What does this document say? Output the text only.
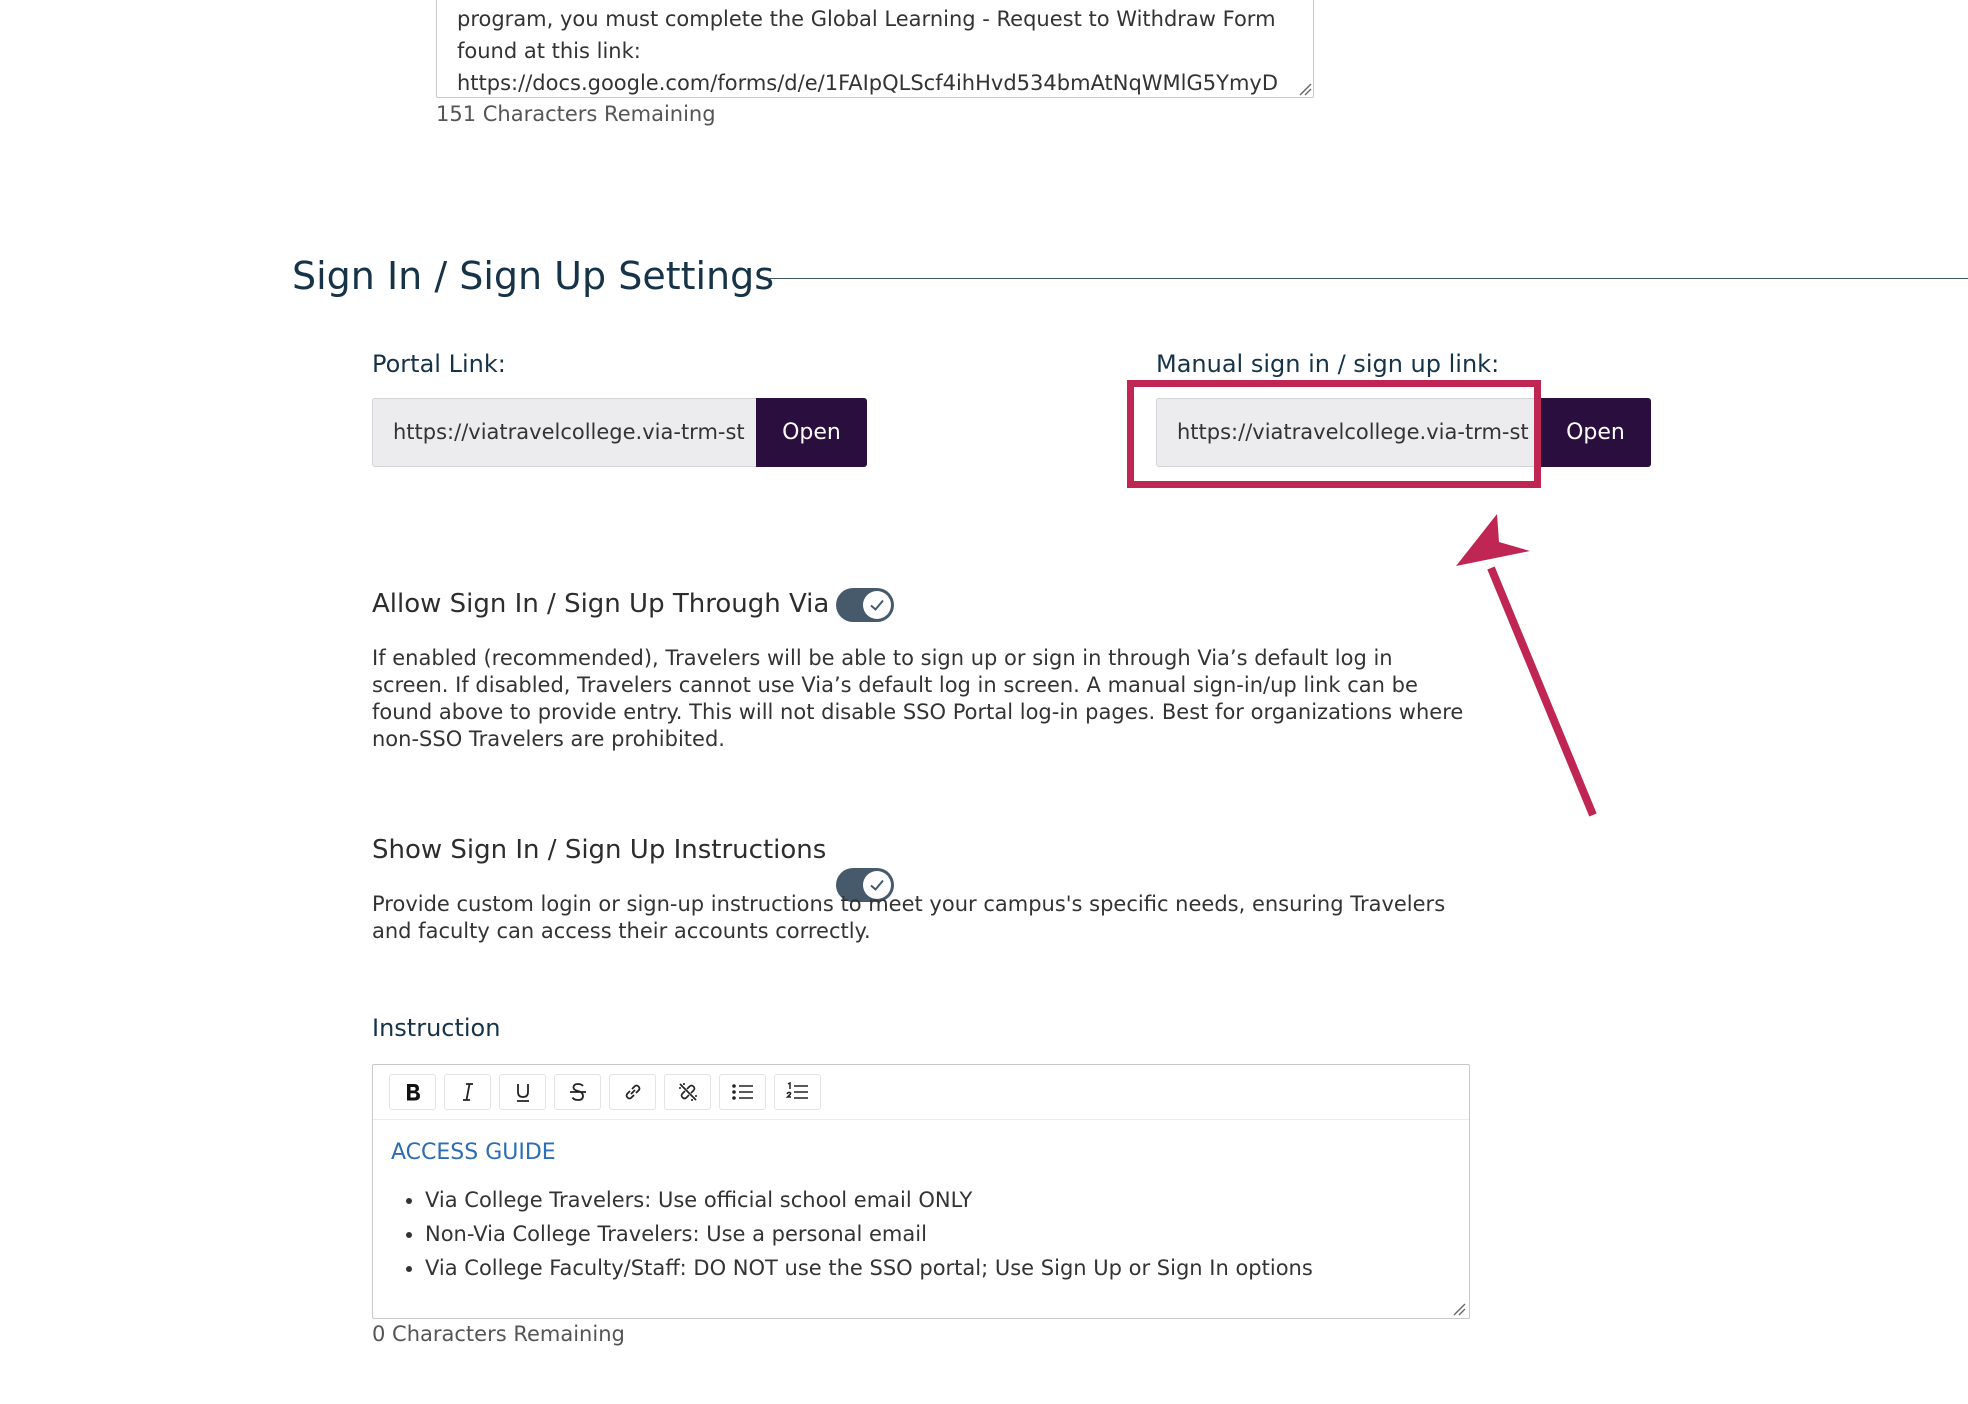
program, you must complete the Global Learning - Request to Withdraw Form
found at this link:
https://docs.google.com/forms/d/e/1FAIpQLScf4ihHvd534bmAtNqWMlG5YmyD
151 Characters Remaining
Sign In / Sign Up Settings
Portal Link:
https://viatravelcollege.via-trm-st	Open
Manual sign in / sign up link:
https://viatravelcollege.via-trm-st	Open
Allow Sign In / Sign Up Through Via
If enabled (recommended), Travelers will be able to sign up or sign in through Via’s default log in screen. If disabled, Travelers cannot use Via’s default log in screen. A manual sign-in/up link can be found above to provide entry. This will not disable SSO Portal log-in pages. Best for organizations where non-SSO Travelers are prohibited.
Show Sign In / Sign Up Instructions
Provide custom login or sign-up instructions to meet your campus's specific needs, ensuring Travelers and faculty can access their accounts correctly.
Instruction
ACCESS GUIDE
• Via College Travelers: Use official school email ONLY
• Non-Via College Travelers: Use a personal email
• Via College Faculty/Staff: DO NOT use the SSO portal; Use Sign Up or Sign In options
0 Characters Remaining
